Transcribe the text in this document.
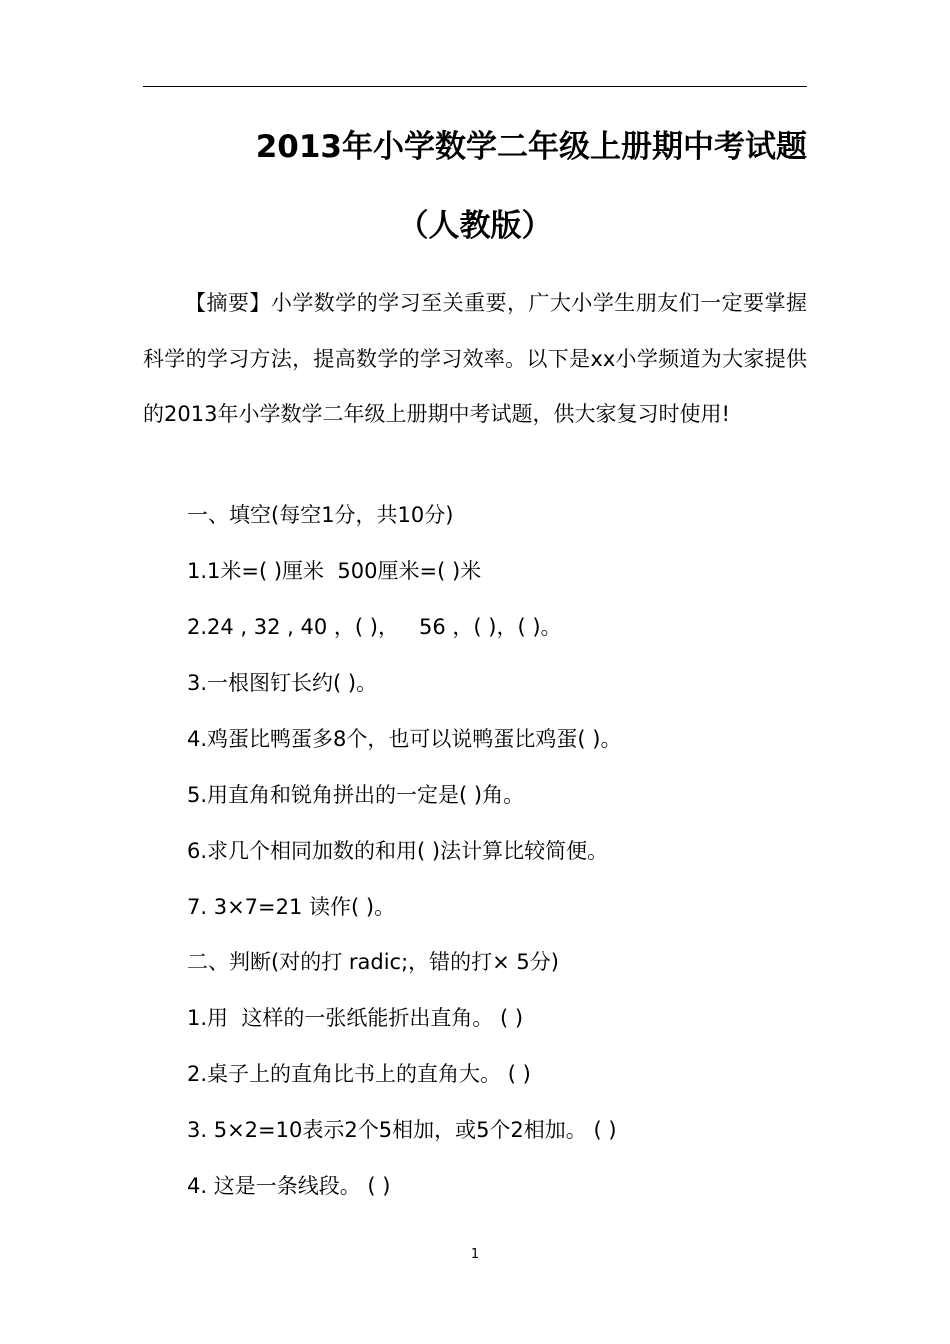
2013年小学数学二年级上册期中考试题
（人教版）

【摘要】小学数学的学习至关重要，广大小学生朋友们一定要掌握科学的学习方法，提高数学的学习效率。以下是xx小学频道为大家提供的2013年小学数学二年级上册期中考试题，供大家复习时使用!

一、填空(每空1分，共10分)

1.1米=( )厘米  500厘米=( )米

2.24 , 32 , 40 ，( )，   56 ，( )，( )。

3.一根图钉长约( )。

4.鸡蛋比鸭蛋多8个，也可以说鸭蛋比鸡蛋( )。

5.用直角和锐角拼出的一定是( )角。

6.求几个相同加数的和用( )法计算比较简便。

7. 3×7=21 读作( )。

二、判断(对的打 radic;，错的打× 5分)

1.用  这样的一张纸能折出直角。 ( )

2.桌子上的直角比书上的直角大。 ( )

3. 5×2=10表示2个5相加，或5个2相加。 ( )

4. 这是一条线段。 ( )

1
